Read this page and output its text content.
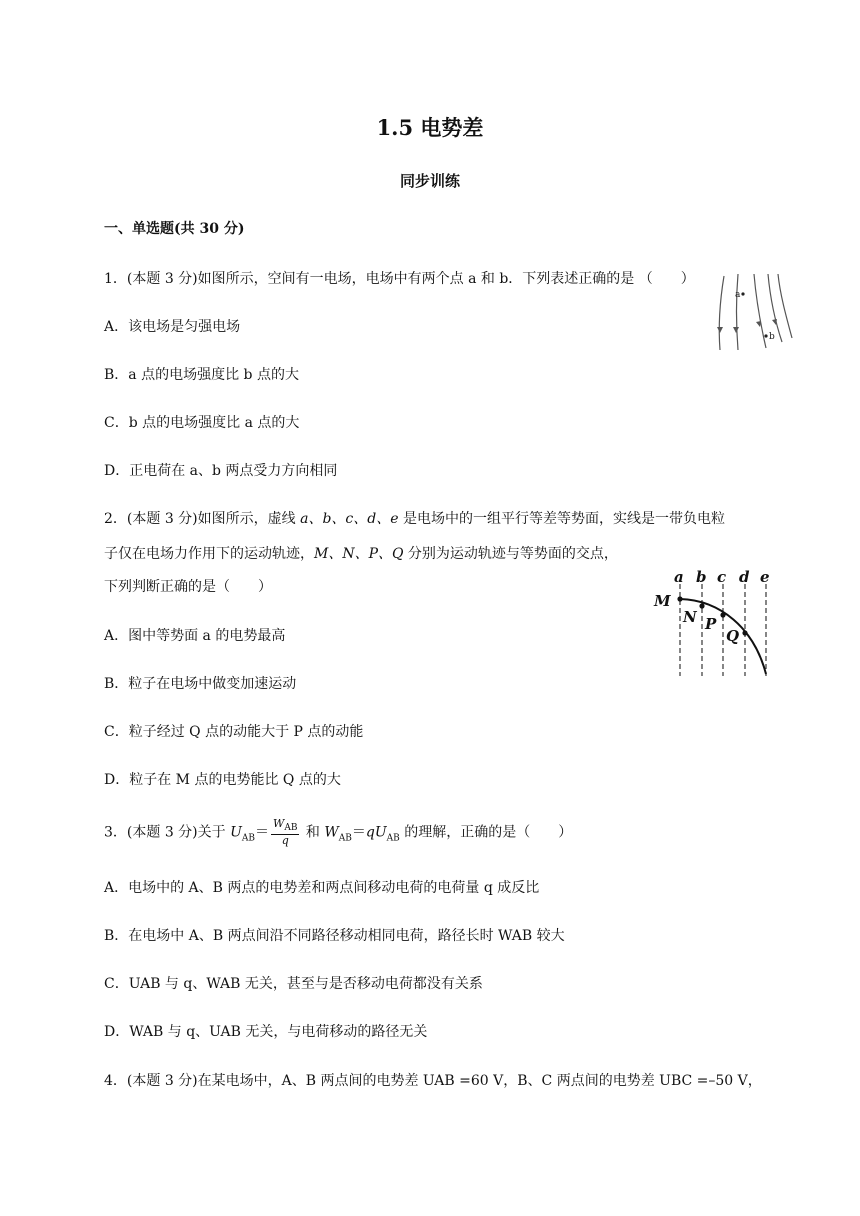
1.5 电势差
同步训练
一、单选题(共 30 分)
1．(本题 3 分)如图所示，空间有一电场，电场中有两个点 a 和 b．下列表述正确的是 （　　）
A．该电场是匀强电场
B．a 点的电场强度比 b 点的大
C．b 点的电场强度比 a 点的大
D．正电荷在 a、b 两点受力方向相同
a
b
2．(本题 3 分)如图所示，虚线 a、b、c、d、e 是电场中的一组平行等差等势面，实线是一带负电粒
子仅在电场力作用下的运动轨迹，M、N、P、Q 分别为运动轨迹与等势面的交点，
下列判断正确的是（　　）
A．图中等势面 a 的电势最高
B．粒子在电场中做变加速运动
C．粒子经过 Q 点的动能大于 P 点的动能
D．粒子在 M 点的电势能比 Q 点的大
a b c d e
M
N P
Q
3．(本题 3 分)关于 $U_{AB}= \frac{W_{AB}}{q}$ 和 $W_{AB}=qU_{AB}$ 的理解，正确的是（　　）
A．电场中的 A、B 两点的电势差和两点间移动电荷的电荷量 q 成反比
B．在电场中 A、B 两点间沿不同路径移动相同电荷，路径长时 WAB 较大
C．UAB 与 q、WAB 无关，甚至与是否移动电荷都没有关系
D．WAB 与 q、UAB 无关，与电荷移动的路径无关
4．(本题 3 分)在某电场中，A、B 两点间的电势差 UAB =60 V，B、C 两点间的电势差 UBC =–50 V，
